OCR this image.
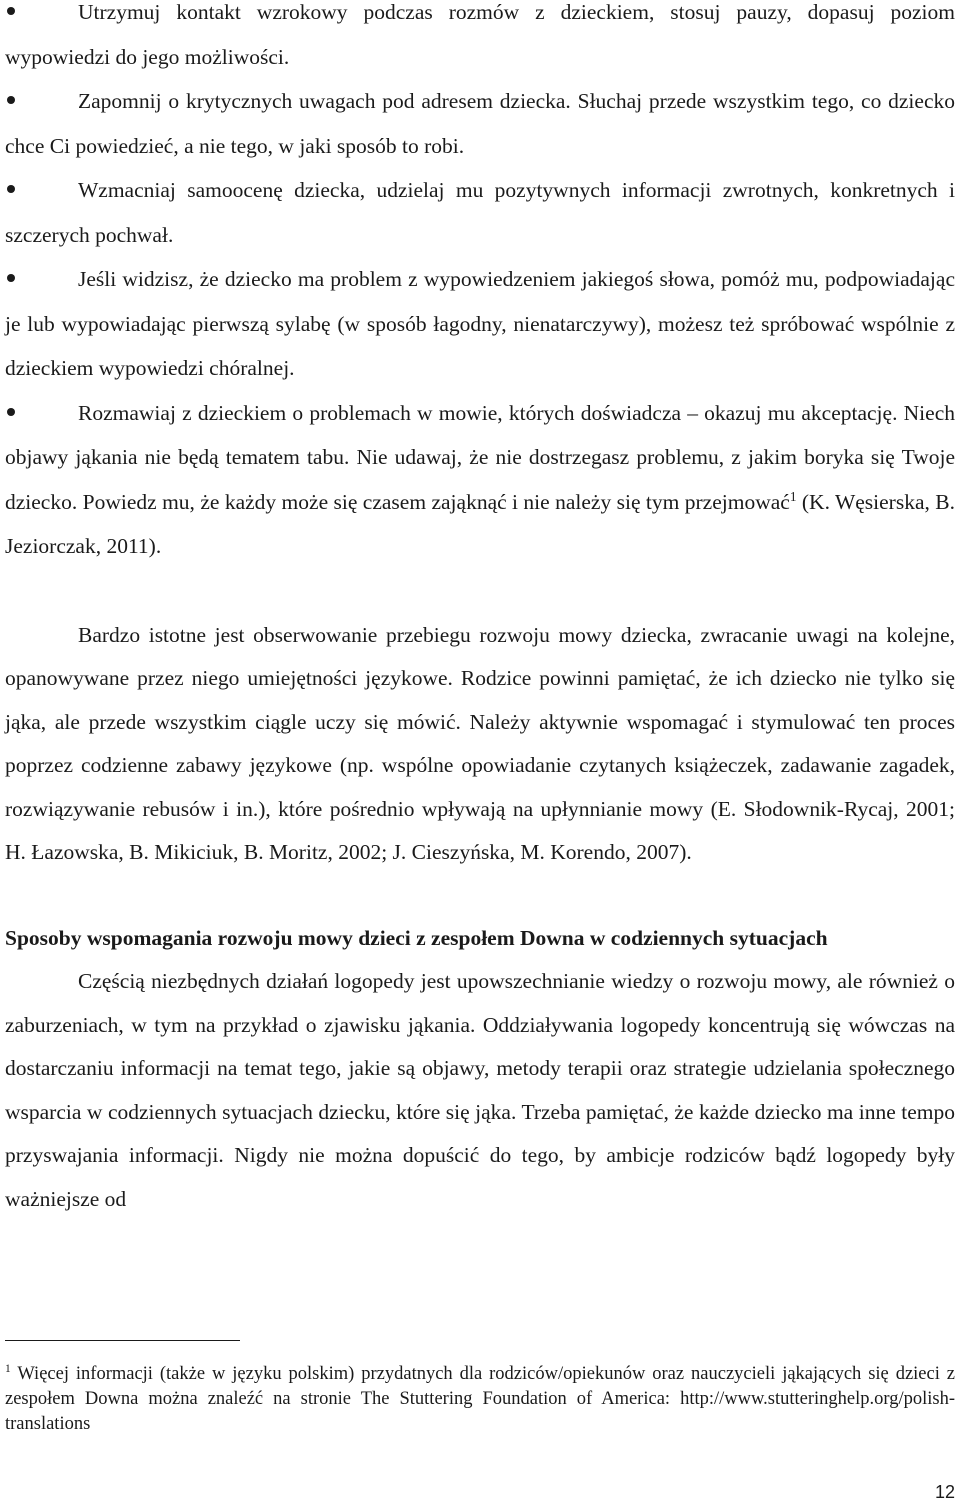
Utrzymuj kontakt wzrokowy podczas rozmów z dzieckiem, stosuj pauzy, dopasuj poziom wypowiedzi do jego możliwości.
Zapomnij o krytycznych uwagach pod adresem dziecka. Słuchaj przede wszystkim tego, co dziecko chce Ci powiedzieć, a nie tego, w jaki sposób to robi.
Wzmacniaj samoocenę dziecka, udzielaj mu pozytywnych informacji zwrotnych, konkretnych i szczerych pochwał.
Jeśli widzisz, że dziecko ma problem z wypowiedzeniem jakiegoś słowa, pomóż mu, podpowiadając je lub wypowiadając pierwszą sylabę (w sposób łagodny, nienatarczywy), możesz też spróbować wspólnie z dzieckiem wypowiedzi chóralnej.
Rozmawiaj z dzieckiem o problemach w mowie, których doświadcza – okazuj mu akceptację. Niech objawy jąkania nie będą tematem tabu. Nie udawaj, że nie dostrzegasz problemu, z jakim boryka się Twoje dziecko. Powiedz mu, że każdy może się czasem zająknąć i nie należy się tym przejmować$^1$ (K. Węsierska, B. Jeziorczak, 2011).

Bardzo istotne jest obserwowanie przebiegu rozwoju mowy dziecka, zwracanie uwagi na kolejne, opanowywane przez niego umiejętności językowe. Rodzice powinni pamiętać, że ich dziecko nie tylko się jąka, ale przede wszystkim ciągle uczy się mówić. Należy aktywnie wspomagać i stymulować ten proces poprzez codzienne zabawy językowe (np. wspólne opowiadanie czytanych książeczek, zadawanie zagadek, rozwiązywanie rebusów i in.), które pośrednio wpływają na upłynnianie mowy (E. Słodownik-Rycaj, 2001; H. Łazowska, B. Mikiciuk, B. Moritz, 2002; J. Cieszyńska, M. Korendo, 2007).

Sposoby wspomagania rozwoju mowy dzieci z zespołem Downa w codziennych sytuacjach

Częścią niezbędnych działań logopedy jest upowszechnianie wiedzy o rozwoju mowy, ale również o zaburzeniach, w tym na przykład o zjawisku jąkania. Oddziaływania logopedy koncentrują się wówczas na dostarczaniu informacji na temat tego, jakie są objawy, metody terapii oraz strategie udzielania społecznego wsparcia w codziennych sytuacjach dziecku, które się jąka. Trzeba pamiętać, że każde dziecko ma inne tempo przyswajania informacji. Nigdy nie można dopuścić do tego, by ambicje rodziców bądź logopedy były ważniejsze od

$^1$ Więcej informacji (także w języku polskim) przydatnych dla rodziców/opiekunów oraz nauczycieli jąkających się dzieci z zespołem Downa można znaleźć na stronie The Stuttering Foundation of America: http://www.stutteringhelp.org/polish-translations

12
